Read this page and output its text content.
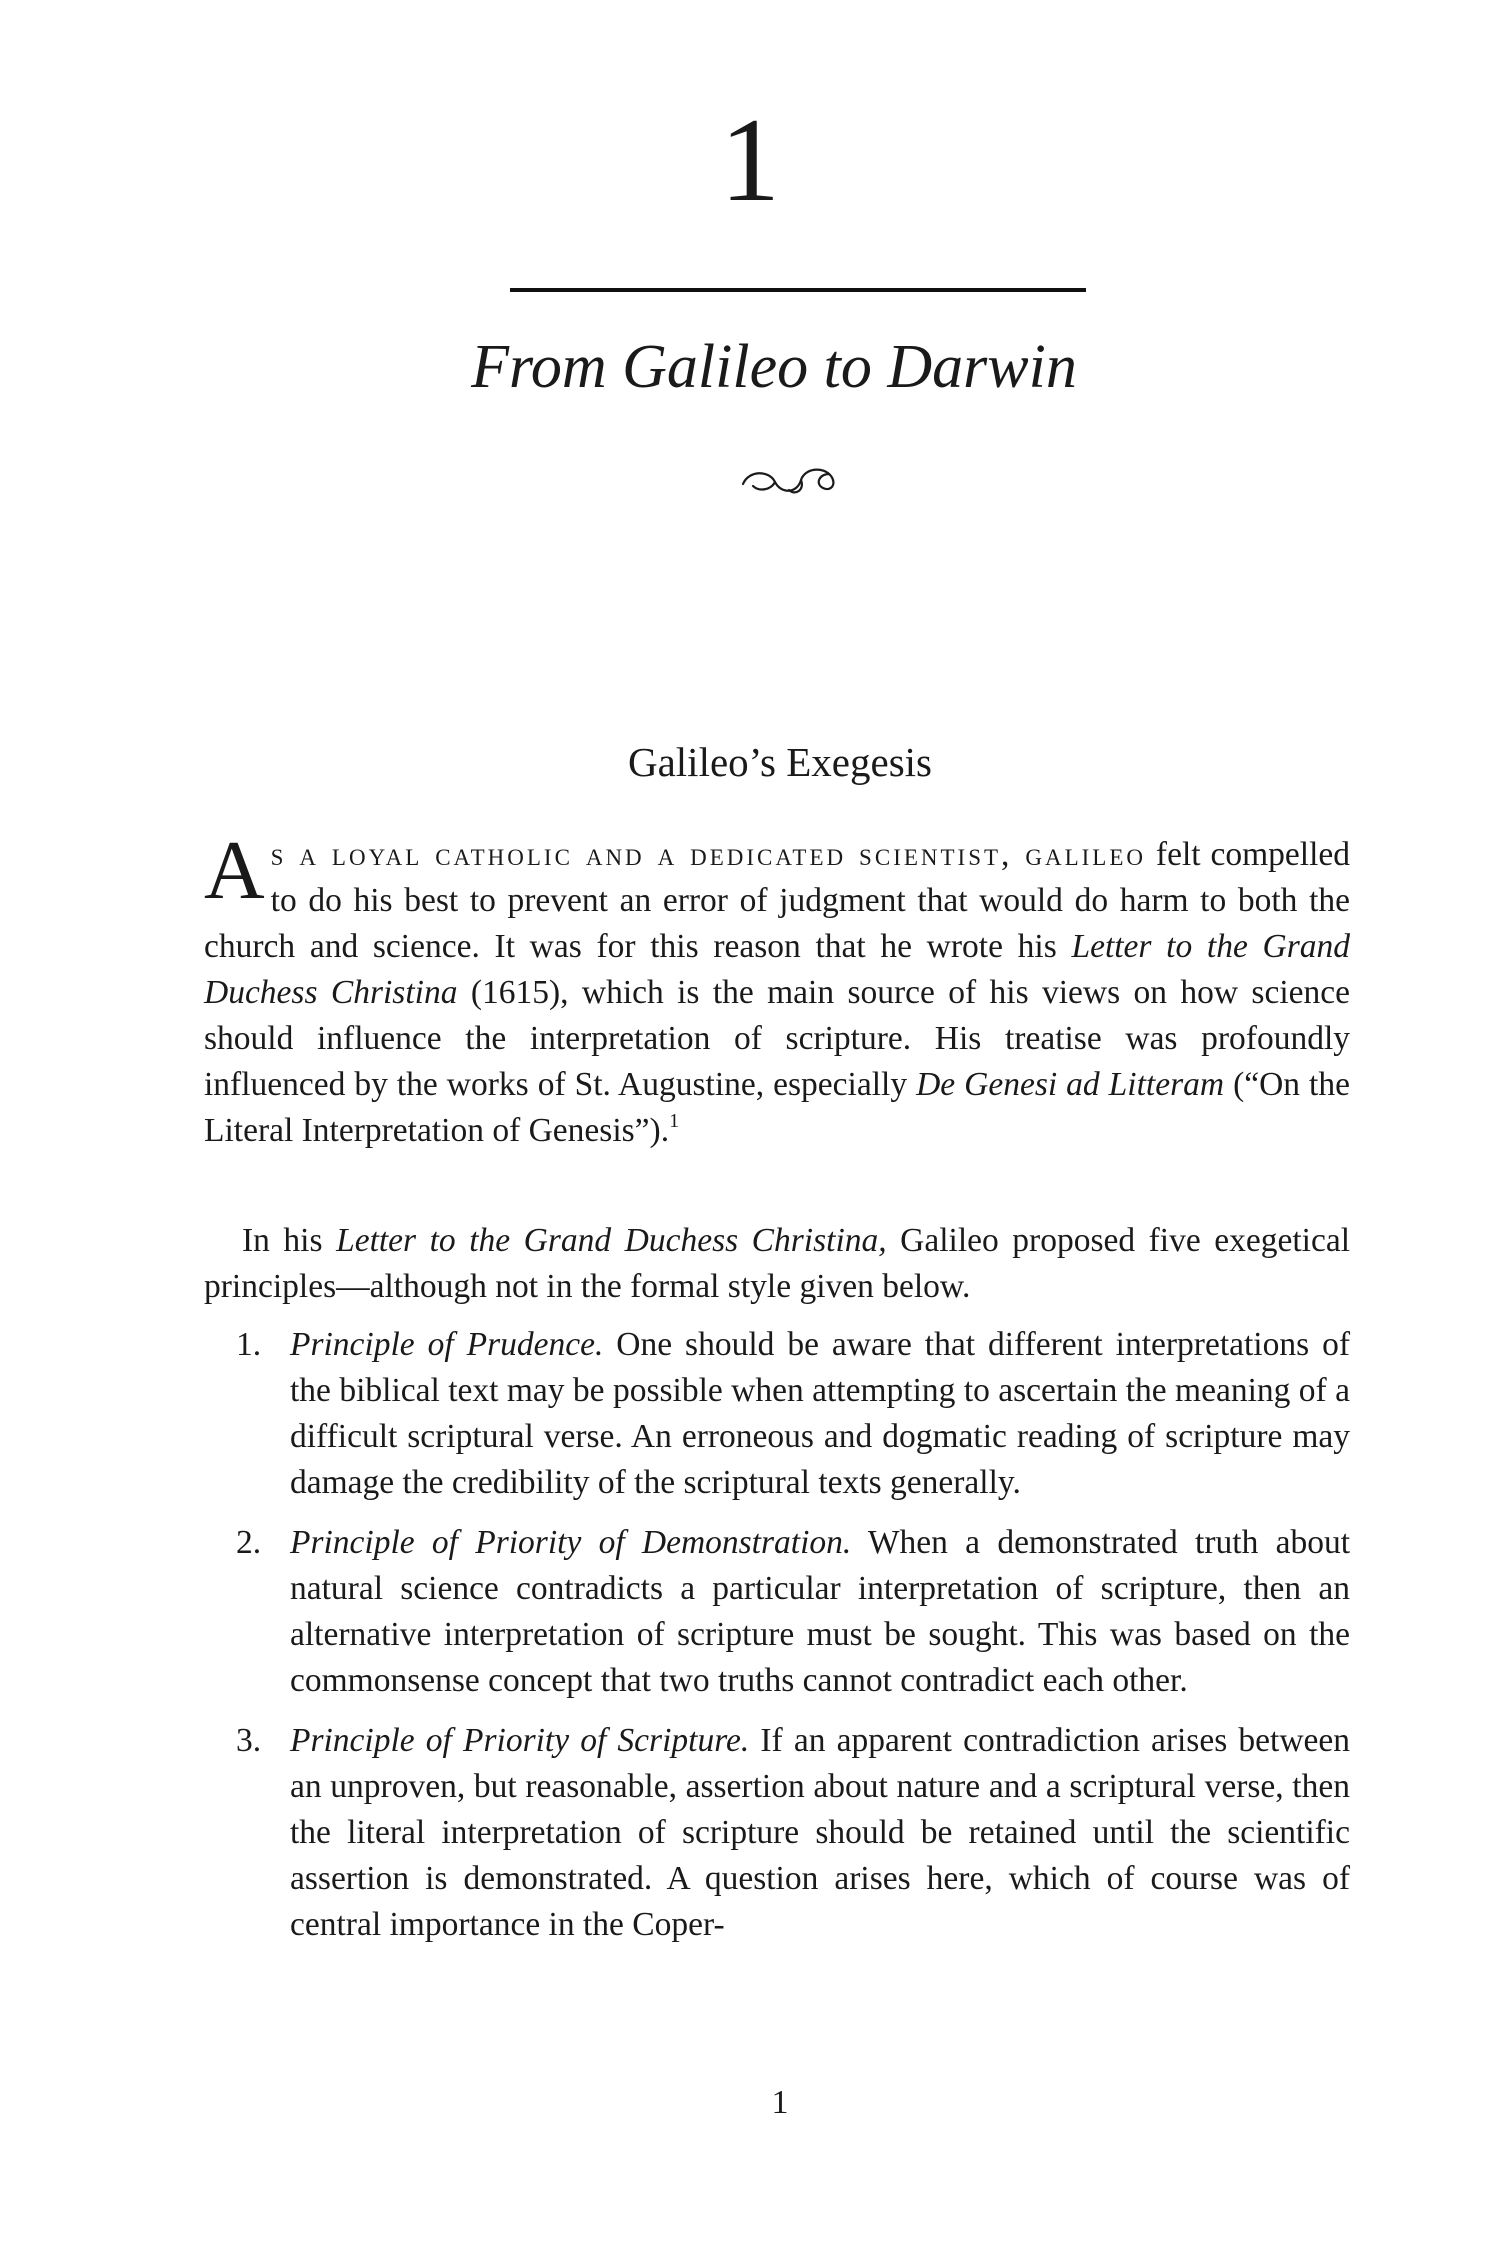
1
From Galileo to Darwin
Galileo’s Exegesis

As a loyal catholic and a dedicated scientist, galileo felt compelled to do his best to prevent an error of judgment that would do harm to both the church and science. It was for this reason that he wrote his Letter to the Grand Duchess Christina (1615), which is the main source of his views on how science should influence the interpretation of scripture. His treatise was profoundly influenced by the works of St. Augustine, especially De Genesi ad Litteram (“On the Literal Interpretation of Genesis”).$^1$

In his Letter to the Grand Duchess Christina, Galileo proposed five exegetical principles—although not in the formal style given below.

1. Principle of Prudence. One should be aware that different interpretations of the biblical text may be possible when attempting to ascertain the meaning of a difficult scriptural verse. An erroneous and dogmatic reading of scripture may damage the credibility of the scriptural texts generally.
2. Principle of Priority of Demonstration. When a demonstrated truth about natural science contradicts a particular interpretation of scripture, then an alternative interpretation of scripture must be sought. This was based on the commonsense concept that two truths cannot contradict each other.
3. Principle of Priority of Scripture. If an apparent contradiction arises between an unproven, but reasonable, assertion about nature and a scriptural verse, then the literal interpretation of scripture should be retained until the scientific assertion is demonstrated. A question arises here, which of course was of central importance in the Coper-
1
